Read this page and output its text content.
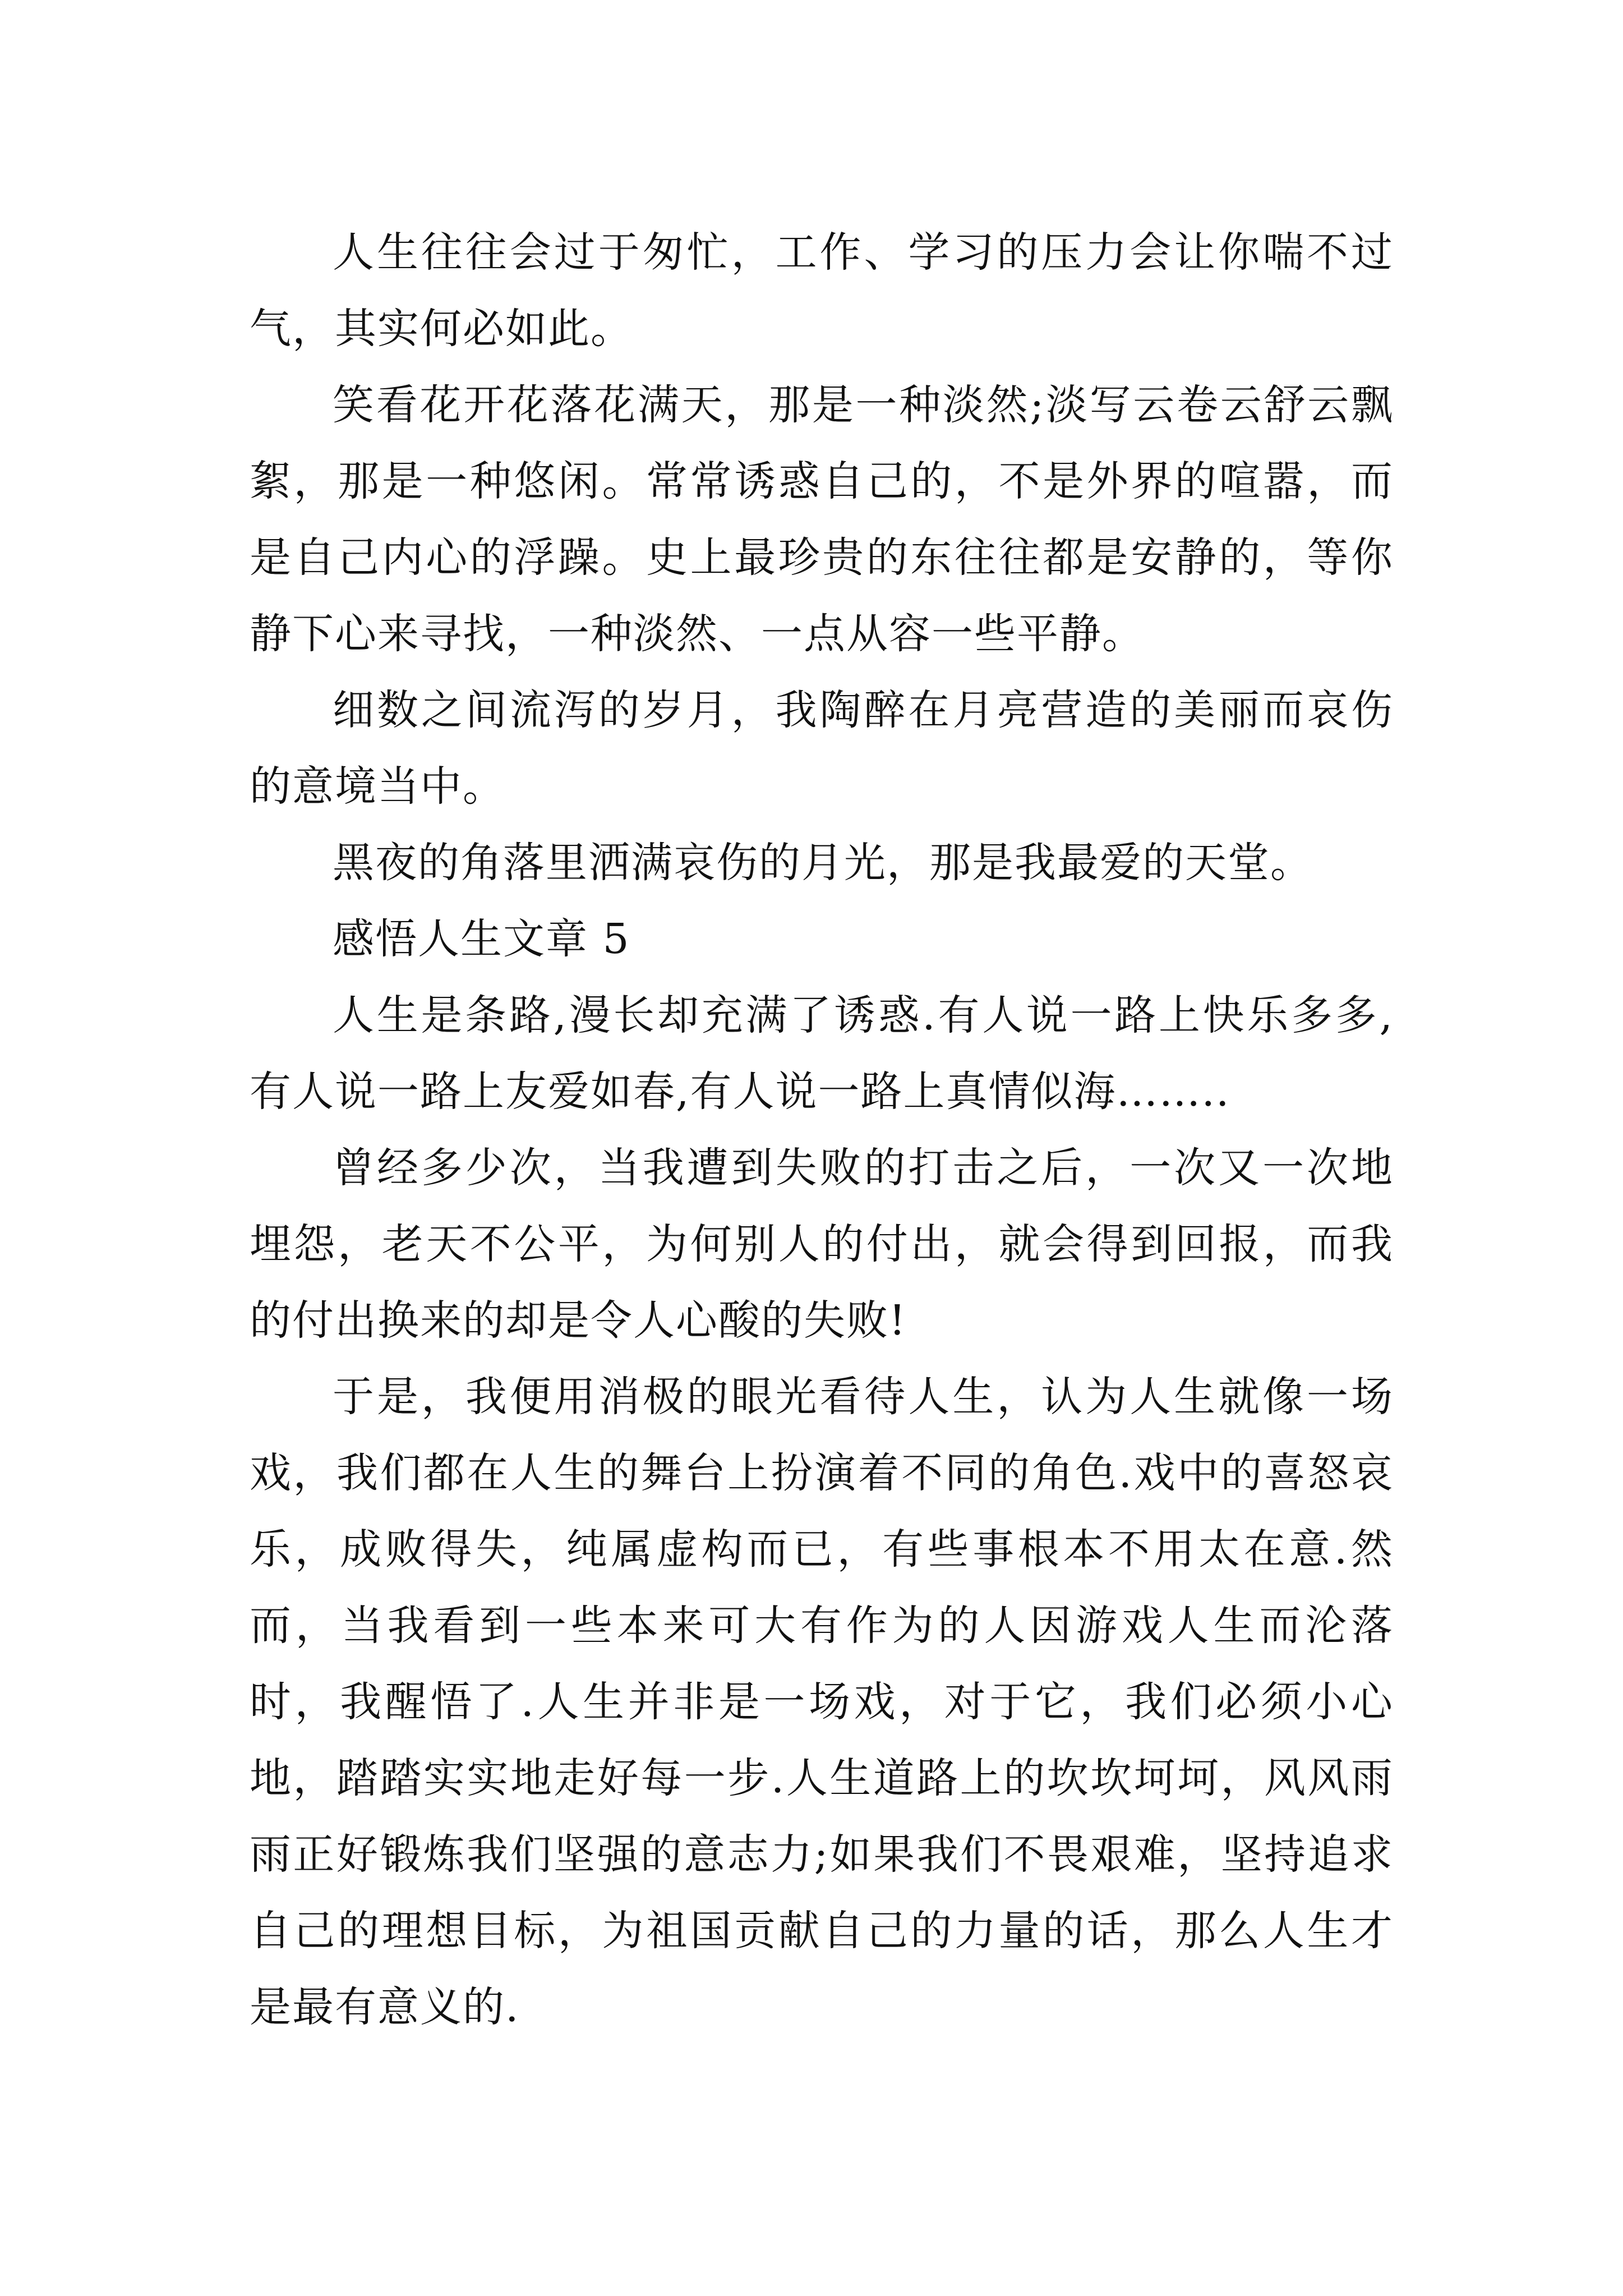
人生往往会过于匆忙，工作、学习的压力会让你喘不过气，其实何必如此。

笑看花开花落花满天，那是一种淡然;淡写云卷云舒云飘絮，那是一种悠闲。常常诱惑自己的，不是外界的喧嚣，而是自己内心的浮躁。史上最珍贵的东往往都是安静的，等你静下心来寻找，一种淡然、一点从容一些平静。

细数之间流泻的岁月，我陶醉在月亮营造的美丽而哀伤的意境当中。

黑夜的角落里洒满哀伤的月光，那是我最爱的天堂。

感悟人生文章 5

人生是条路,漫长却充满了诱惑.有人说一路上快乐多多,有人说一路上友爱如春,有人说一路上真情似海……..

曾经多少次，当我遭到失败的打击之后，一次又一次地埋怨，老天不公平，为何别人的付出，就会得到回报，而我的付出换来的却是令人心酸的失败!

于是，我便用消极的眼光看待人生，认为人生就像一场戏，我们都在人生的舞台上扮演着不同的角色.戏中的喜怒哀乐，成败得失，纯属虚构而已，有些事根本不用太在意.然而，当我看到一些本来可大有作为的人因游戏人生而沦落时，我醒悟了.人生并非是一场戏，对于它，我们必须小心地，踏踏实实地走好每一步.人生道路上的坎坎坷坷，风风雨雨正好锻炼我们坚强的意志力;如果我们不畏艰难，坚持追求自己的理想目标，为祖国贡献自己的力量的话，那么人生才是最有意义的.
